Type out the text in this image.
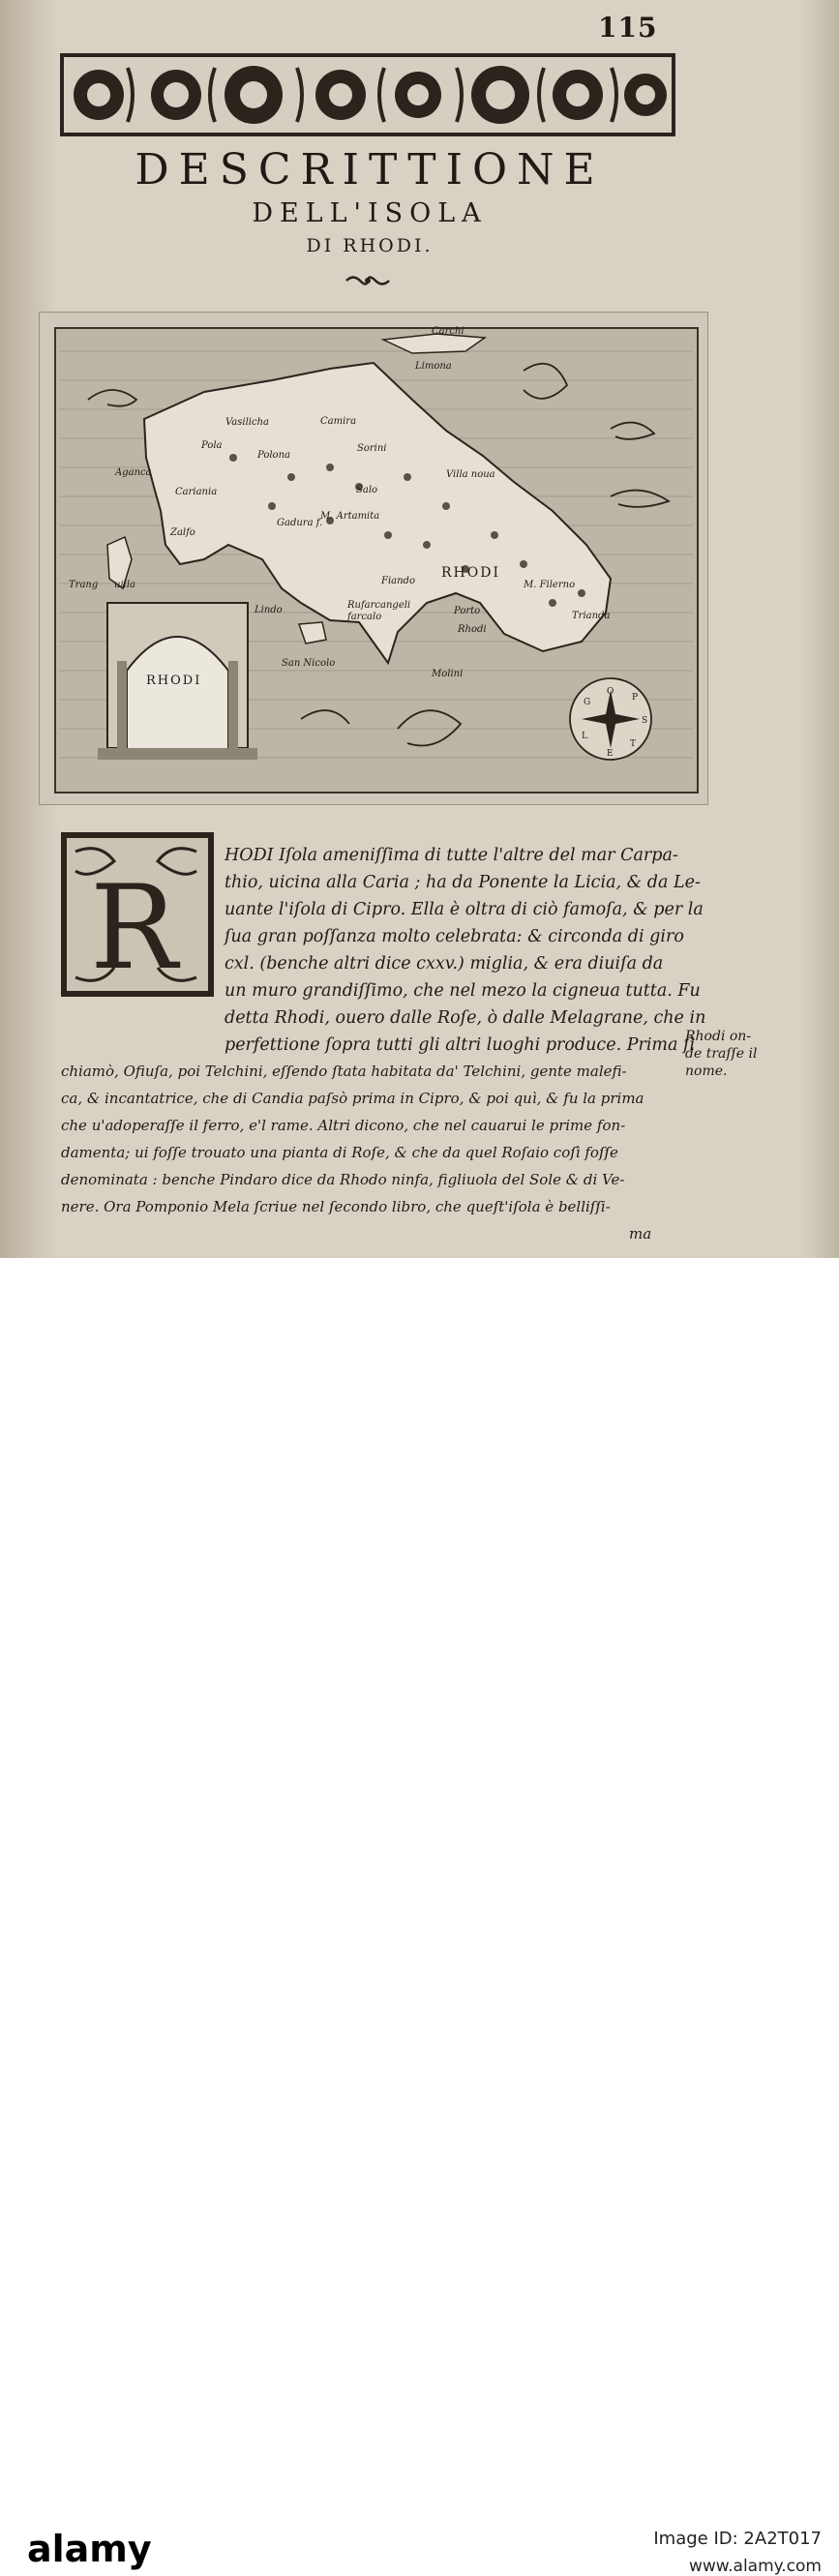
115
DESCRITTIONE
DELL'ISOLA
DI RHODI.
Carchi
Limona
Camira
Vasilicha
Pola
Polona
Sorini
Villa noua
Aganca
Cariania	Salo
Gadura f.
M. Artamita
Zalfo
Trang uilla	Fiando	M. Filerno
Trianda
Lindo	Rufarcangeli
farcalo
Porto
Rhodi
San Nicolo
Molini
RHODI
RHODI
O
P
S
T
E
L
G
R
HODI Iſola ameniſſima di tutte l'altre del mar Carpa-
thio, uicina alla Caria ; ha da Ponente la Licia, & da Le-
uante l'iſola di Cipro. Ella è oltra di ciò famoſa, & per la
ſua gran poſſanza molto celebrata: & circonda di giro
cxl. (benche altri dice cxxv.) miglia, & era diuiſa da
un muro grandiſſimo, che nel mezo la cigneua tutta. Fu
detta Rhodi, ouero dalle Roſe, ò dalle Melagrane, che in
perfettione ſopra tutti gli altri luoghi produce. Prima ſi
chiamò, Ofiuſa, poi Telchini, eſſendo ſtata habitata da' Telchini, gente malefi-
ca, & incantatrice, che di Candia paſsò prima in Cipro, & poi quì, & fu la prima
che u'adoperaſſe il ferro, e'l rame. Altri dicono, che nel cauarui le prime fon-
damenta; ui foſſe trouato una pianta di Roſe, & che da quel Roſaio coſì foſſe
denominata : benche Pindaro dice da Rhodo ninfa, figliuola del Sole & di Ve-
nere. Ora Pomponio Mela ſcriue nel ſecondo libro, che queſt'iſola è belliſſi-
ma
Rhodi on-
de traſſe il
nome.
alamy	Image ID: 2A2T017
www.alamy.com
